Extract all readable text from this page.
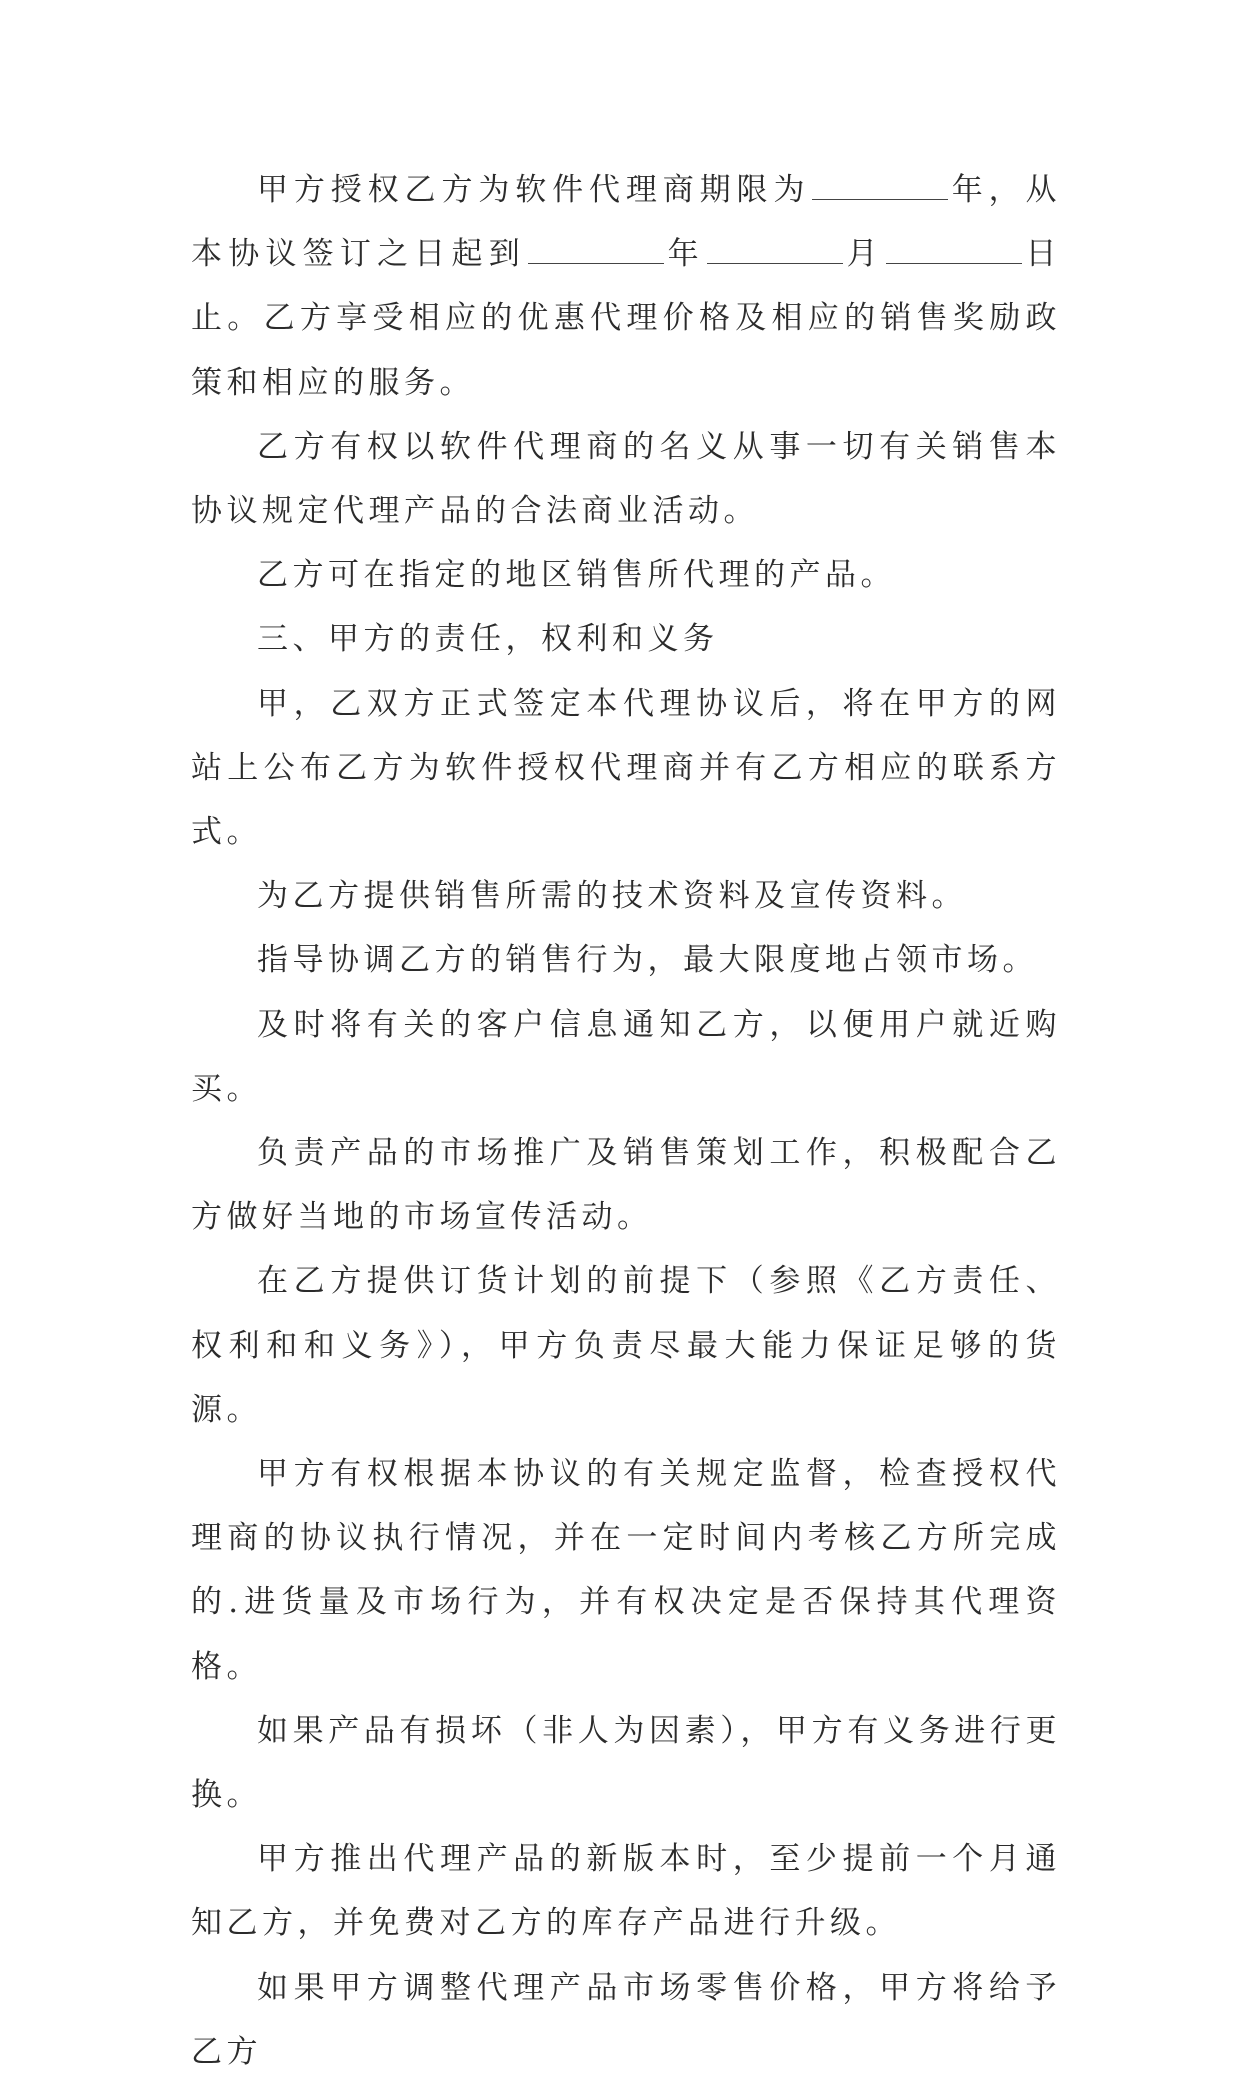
甲方授权乙方为软件代理商期限为	年，从本协议签订之日起到	年	月	日止。乙方享受相应的优惠代理价格及相应的销售奖励政策和相应的服务。

乙方有权以软件代理商的名义从事一切有关销售本协议规定代理产品的合法商业活动。

乙方可在指定的地区销售所代理的产品。

三、甲方的责任，权利和义务

甲，乙双方正式签定本代理协议后，将在甲方的网站上公布乙方为软件授权代理商并有乙方相应的联系方式。

为乙方提供销售所需的技术资料及宣传资料。

指导协调乙方的销售行为，最大限度地占领市场。

及时将有关的客户信息通知乙方，以便用户就近购买。

负责产品的市场推广及销售策划工作，积极配合乙方做好当地的市场宣传活动。

在乙方提供订货计划的前提下（参照《乙方责任、权利和和义务》），甲方负责尽最大能力保证足够的货源。

甲方有权根据本协议的有关规定监督，检查授权代理商的协议执行情况，并在一定时间内考核乙方所完成的.进货量及市场行为，并有权决定是否保持其代理资格。

如果产品有损坏（非人为因素），甲方有义务进行更换。

甲方推出代理产品的新版本时，至少提前一个月通知乙方，并免费对乙方的库存产品进行升级。

如果甲方调整代理产品市场零售价格，甲方将给予乙方
